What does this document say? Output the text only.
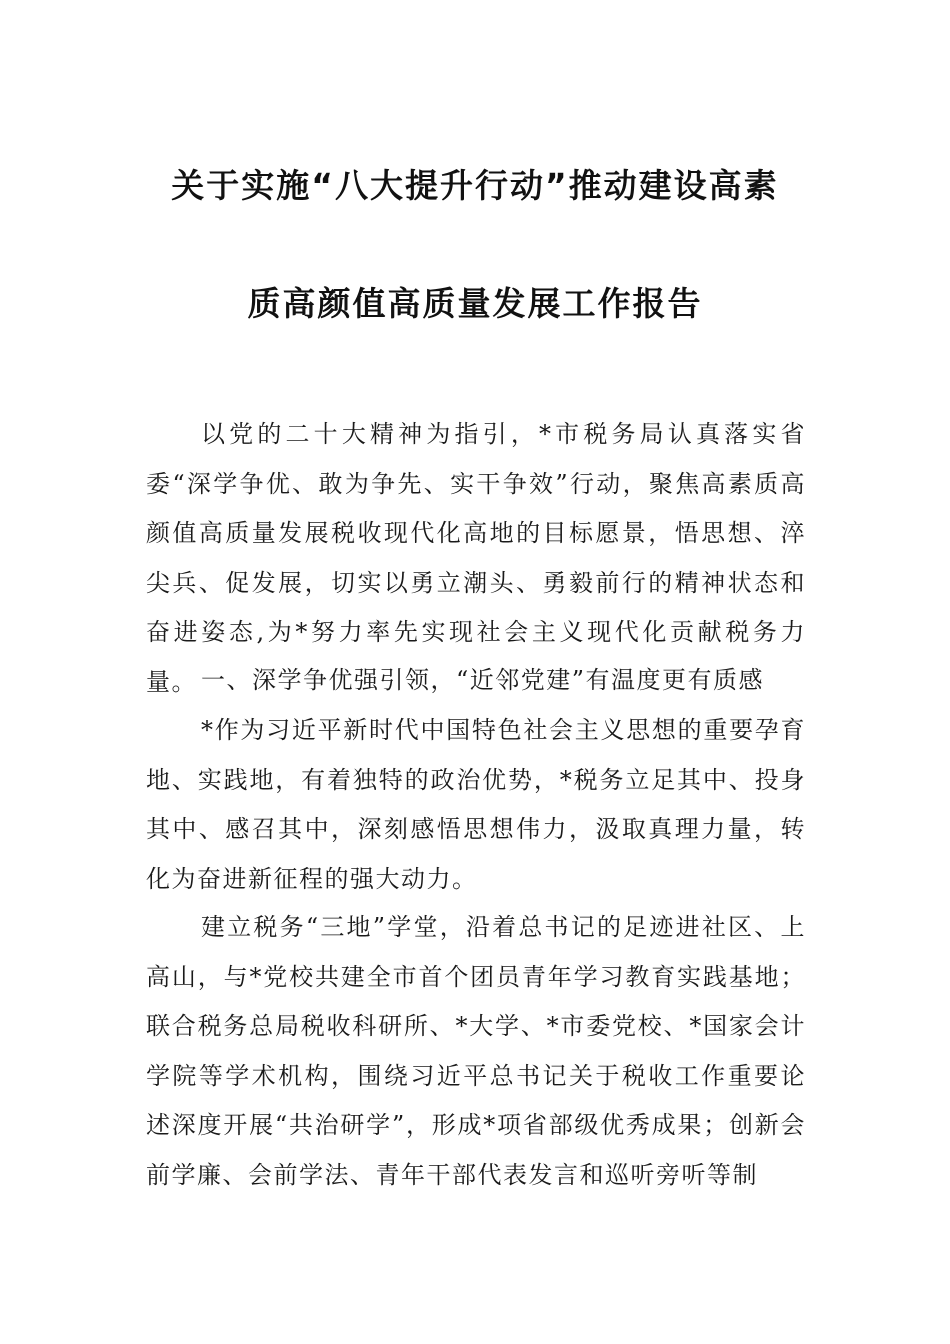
关于实施“八大提升行动”推动建设高素
质高颜值高质量发展工作报告

以党的二十大精神为指引，*市税务局认真落实省委“深学争优、敢为争先、实干争效”行动，聚焦高素质高颜值高质量发展税收现代化高地的目标愿景，悟思想、淬尖兵、促发展，切实以勇立潮头、勇毅前行的精神状态和奋进姿态,为*努力率先实现社会主义现代化贡献税务力量。 一、深学争优强引领，“近邻党建”有温度更有质感

*作为习近平新时代中国特色社会主义思想的重要孕育地、实践地，有着独特的政治优势，*税务立足其中、投身其中、感召其中，深刻感悟思想伟力，汲取真理力量，转化为奋进新征程的强大动力。

建立税务“三地”学堂，沿着总书记的足迹进社区、上高山，与*党校共建全市首个团员青年学习教育实践基地；联合税务总局税收科研所、*大学、*市委党校、*国家会计学院等学术机构，围绕习近平总书记关于税收工作重要论述深度开展“共治研学”，形成*项省部级优秀成果；创新会前学廉、会前学法、青年干部代表发言和巡听旁听等制
